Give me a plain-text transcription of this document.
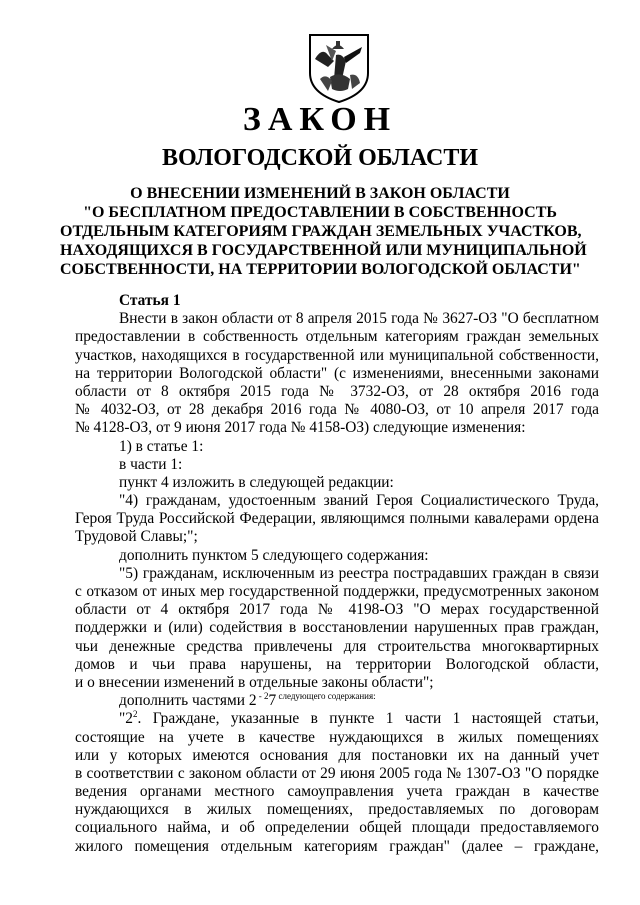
ЗАКОН
ВОЛОГОДСКОЙ ОБЛАСТИ
О ВНЕСЕНИИ ИЗМЕНЕНИЙ В ЗАКОН ОБЛАСТИ
"О БЕСПЛАТНОМ ПРЕДОСТАВЛЕНИИ В СОБСТВЕННОСТЬ
ОТДЕЛЬНЫМ КАТЕГОРИЯМ ГРАЖДАН ЗЕМЕЛЬНЫХ УЧАСТКОВ,
НАХОДЯЩИХСЯ В ГОСУДАРСТВЕННОЙ ИЛИ МУНИЦИПАЛЬНОЙ
СОБСТВЕННОСТИ, НА ТЕРРИТОРИИ ВОЛОГОДСКОЙ ОБЛАСТИ"
Статья 1
Внести в закон области от 8 апреля 2015 года № 3627-ОЗ "О бесплатном
предоставлении в собственность отдельным категориям граждан земельных
участков, находящихся в государственной или муниципальной собственности,
на территории Вологодской области" (с изменениями, внесенными законами
области от 8 октября 2015 года № 3732-ОЗ, от 28 октября 2016 года
№ 4032-ОЗ, от 28 декабря 2016 года № 4080-ОЗ, от 10 апреля 2017 года
№ 4128-ОЗ, от 9 июня 2017 года № 4158-ОЗ) следующие изменения:
1) в статье 1:
в части 1:
пункт 4 изложить в следующей редакции:
"4) гражданам, удостоенным званий Героя Социалистического Труда,
Героя Труда Российской Федерации, являющимся полными кавалерами ордена
Трудовой Славы;";
дополнить пунктом 5 следующего содержания:
"5) гражданам, исключенным из реестра пострадавших граждан в связи
с отказом от иных мер государственной поддержки, предусмотренных законом
области от 4 октября 2017 года № 4198-ОЗ "О мерах государственной
поддержки и (или) содействия в восстановлении нарушенных прав граждан,
чьи денежные средства привлечены для строительства многоквартирных
домов и чьи права нарушены, на территории Вологодской области,
и о внесении изменений в отдельные законы области";
дополнить частями 2 $^{- 2}$7 $^{следующего содержания:}$
"$2^2$. Граждане, указанные в пункте 1 части 1 настоящей статьи,
состоящие на учете в качестве нуждающихся в жилых помещениях
или у которых имеются основания для постановки их на данный учет
в соответствии с законом области от 29 июня 2005 года № 1307-ОЗ "О порядке
ведения органами местного самоуправления учета граждан в качестве
нуждающихся в жилых помещениях, предоставляемых по договорам
социального найма, и об определении общей площади предоставляемого
жилого помещения отдельным категориям граждан" (далее – граждане,
